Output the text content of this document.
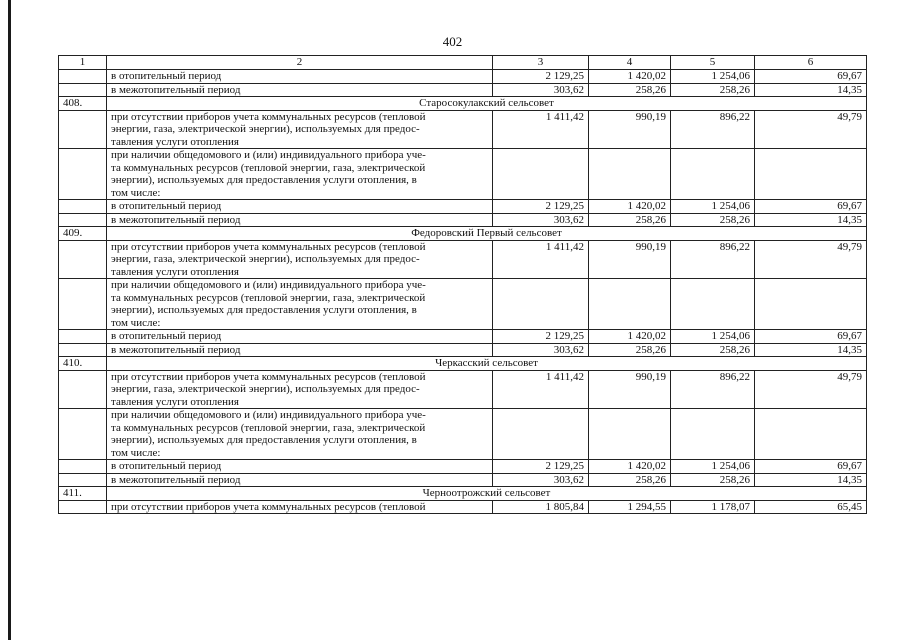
402
1	2	3	4	5	6
	в отопительный период	2 129,25	1 420,02	1 254,06	69,67
	в межотопительный период	303,62	258,26	258,26	14,35
408.	Старосокулакский сельсовет				

	при отсутствии приборов учета коммунальных ресурсов (тепловой
энергии, газа, электрической энергии), используемых для предос-
тавления услуги отопления	1 411,42	990,19	896,22	49,79

	при наличии общедомового и (или) индивидуального прибора уче-
та коммунальных ресурсов (тепловой энергии, газа, электрической
энергии), используемых для предоставления услуги отопления, в
том числе:				

	в отопительный период	2 129,25	1 420,02	1 254,06	69,67
	в межотопительный период	303,62	258,26	258,26	14,35
409.	Федоровский Первый сельсовет				

	при отсутствии приборов учета коммунальных ресурсов (тепловой
энергии, газа, электрической энергии), используемых для предос-
тавления услуги отопления	1 411,42	990,19	896,22	49,79

	при наличии общедомового и (или) индивидуального прибора уче-
та коммунальных ресурсов (тепловой энергии, газа, электрической
энергии), используемых для предоставления услуги отопления, в
том числе:				

	в отопительный период	2 129,25	1 420,02	1 254,06	69,67
	в межотопительный период	303,62	258,26	258,26	14,35
410.	Черкасский сельсовет				

	при отсутствии приборов учета коммунальных ресурсов (тепловой
энергии, газа, электрической энергии), используемых для предос-
тавления услуги отопления	1 411,42	990,19	896,22	49,79

	при наличии общедомового и (или) индивидуального прибора уче-
та коммунальных ресурсов (тепловой энергии, газа, электрической
энергии), используемых для предоставления услуги отопления, в
том числе:				

	в отопительный период	2 129,25	1 420,02	1 254,06	69,67
	в межотопительный период	303,62	258,26	258,26	14,35
411.	Черноотрожский сельсовет				

	при отсутствии приборов учета коммунальных ресурсов (тепловой	1 805,84	1 294,55	1 178,07	65,45
